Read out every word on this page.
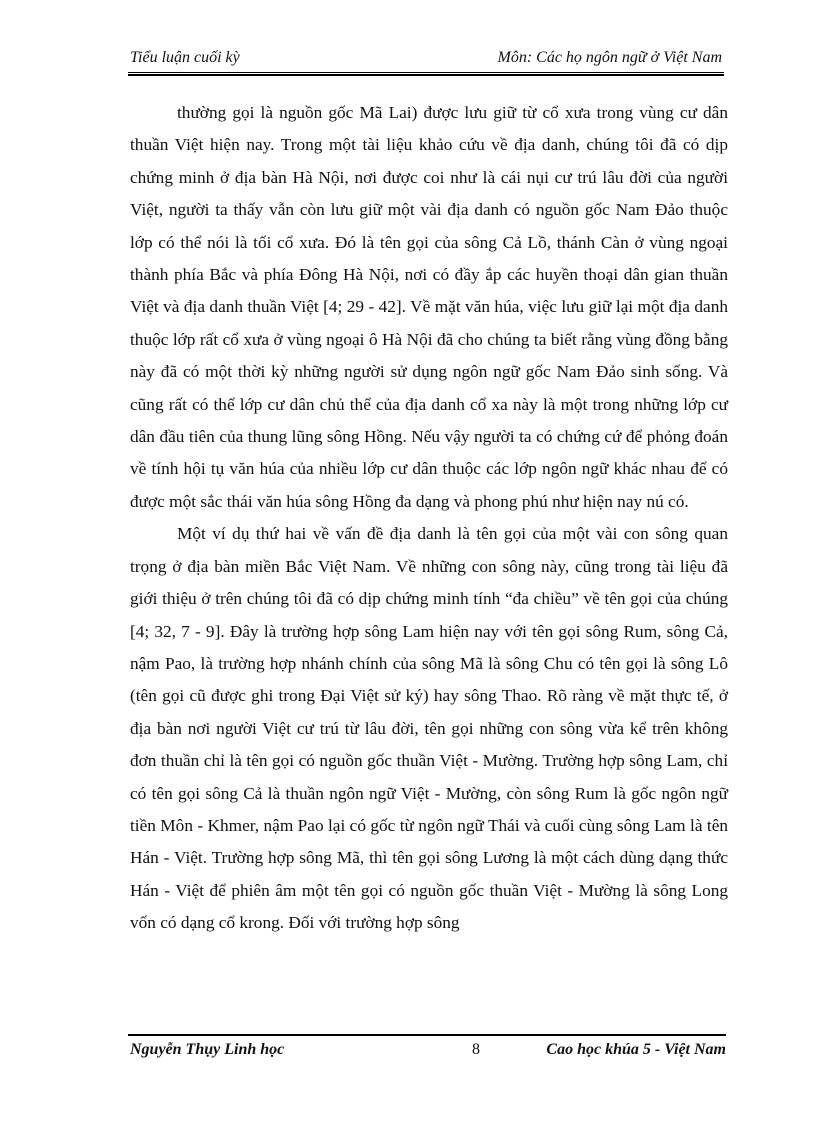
Tiểu luận cuối kỳ	Môn: Các họ ngôn ngữ ở Việt Nam

thường gọi là nguồn gốc Mã Lai) được lưu giữ từ cổ xưa trong vùng cư dân thuần Việt hiện nay. Trong một tài liệu khảo cứu về địa danh, chúng tôi đã có dịp chứng minh ở địa bàn Hà Nội, nơi được coi như là cái nụi cư trú lâu đời của người Việt, người ta thấy vẫn còn lưu giữ một vài địa danh có nguồn gốc Nam Đảo thuộc lớp có thể nói là tối cổ xưa. Đó là tên gọi của sông Cả Lồ, thánh Càn ở vùng ngoại thành phía Bắc và phía Đông Hà Nội, nơi có đầy ắp các huyền thoại dân gian thuần Việt và địa danh thuần Việt [4; 29 - 42]. Về mặt văn húa, việc lưu giữ lại một địa danh thuộc lớp rất cổ xưa ở vùng ngoại ô Hà Nội đã cho chúng ta biết rằng vùng đồng bằng này đã có một thời kỳ những người sử dụng ngôn ngữ gốc Nam Đảo sinh sống. Và cũng rất có thể lớp cư dân chủ thể của địa danh cổ xa này là một trong những lớp cư dân đầu tiên của thung lũng sông Hồng. Nếu vậy người ta có chứng cứ để phỏng đoán về tính hội tụ văn húa của nhiều lớp cư dân thuộc các lớp ngôn ngữ khác nhau để có được một sắc thái văn húa sông Hồng đa dạng và phong phú như hiện nay nú có.

Một ví dụ thứ hai về vấn đề địa danh là tên gọi của một vài con sông quan trọng ở địa bàn miền Bắc Việt Nam. Về những con sông này, cũng trong tài liệu đã giới thiệu ở trên chúng tôi đã có dịp chứng minh tính “đa chiều” về tên gọi của chúng [4; 32, 7 - 9]. Đây là trường hợp sông Lam hiện nay với tên gọi sông Rum, sông Cả, nậm Pao, là trường hợp nhánh chính của sông Mã là sông Chu có tên gọi là sông Lô (tên gọi cũ được ghi trong Đại Việt sử ký) hay sông Thao. Rõ ràng về mặt thực tế, ở địa bàn nơi người Việt cư trú từ lâu đời, tên gọi những con sông vừa kể trên không đơn thuần chỉ là tên gọi có nguồn gốc thuần Việt - Mường. Trường hợp sông Lam, chỉ có tên gọi sông Cả là thuần ngôn ngữ Việt - Mường, còn sông Rum là gốc ngôn ngữ tiền Môn - Khmer, nậm Pao lại có gốc từ ngôn ngữ Thái và cuối cùng sông Lam là tên Hán - Việt. Trường hợp sông Mã, thì tên gọi sông Lương là một cách dùng dạng thức Hán - Việt để phiên âm một tên gọi có nguồn gốc thuần Việt - Mường là sông Long vốn có dạng cổ krong. Đối với trường hợp sông

Nguyễn Thụy Linh học	8	Cao học khúa 5 - Việt Nam
